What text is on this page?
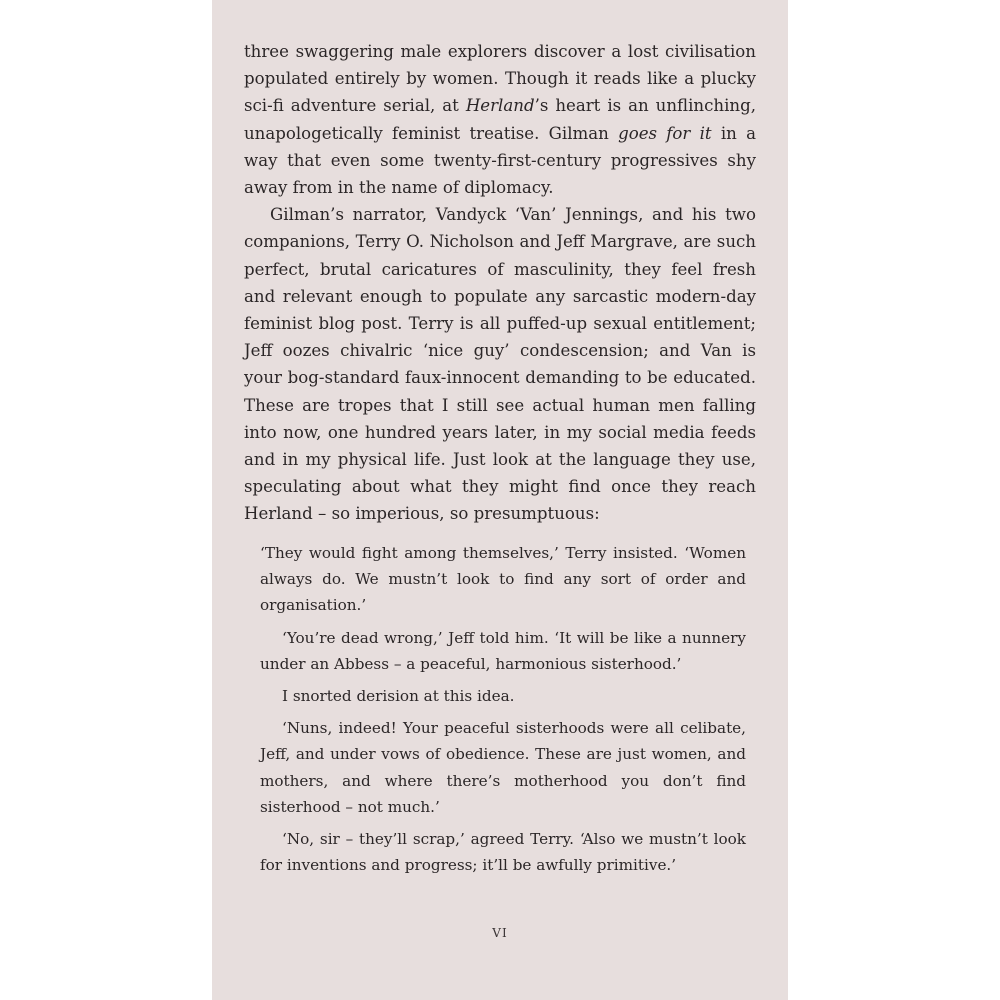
three swaggering male explorers discover a lost civilisation populated entirely by women. Though it reads like a plucky sci-fi adventure serial, at Herland’s heart is an unflinching, unapologetically feminist treatise. Gilman goes for it in a way that even some twenty-first-century progressives shy away from in the name of diplomacy.

Gilman’s narrator, Vandyck ‘Van’ Jennings, and his two companions, Terry O. Nicholson and Jeff Margrave, are such perfect, brutal caricatures of masculinity, they feel fresh and relevant enough to populate any sarcastic modern-day feminist blog post. Terry is all puffed-up sexual entitlement; Jeff oozes chivalric ‘nice guy’ condescension; and Van is your bog-standard faux-innocent demanding to be educated. These are tropes that I still see actual human men falling into now, one hundred years later, in my social media feeds and in my physical life. Just look at the language they use, speculating about what they might find once they reach Herland – so imperious, so presumptuous:

‘They would fight among themselves,’ Terry insisted. ‘Women always do. We mustn’t look to find any sort of order and organisation.’

‘You’re dead wrong,’ Jeff told him. ‘It will be like a nunnery under an Abbess – a peaceful, harmonious sisterhood.’

I snorted derision at this idea.

‘Nuns, indeed! Your peaceful sisterhoods were all celibate, Jeff, and under vows of obedience. These are just women, and mothers, and where there’s motherhood you don’t find sisterhood – not much.’

‘No, sir – they’ll scrap,’ agreed Terry. ‘Also we mustn’t look for inventions and progress; it’ll be awfully primitive.’

VI
